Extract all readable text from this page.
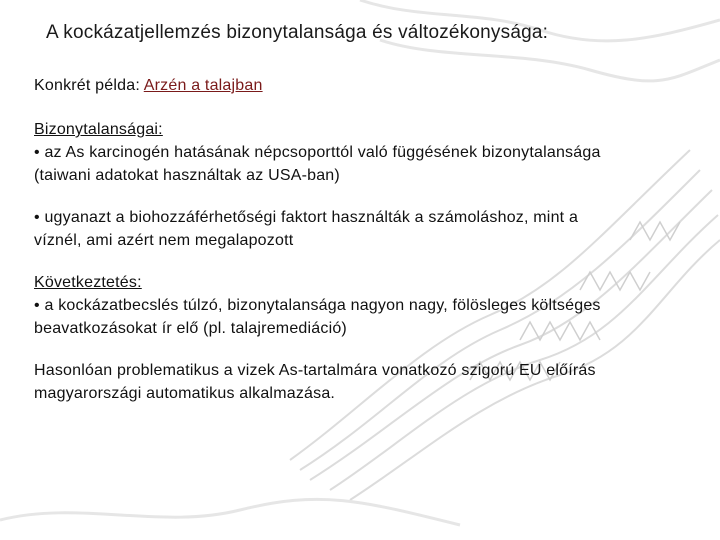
A kockázatjellemzés bizonytalansága és változékonysága:

Konkrét példa: Arzén a talajban

Bizonytalanságai:

• az As karcinogén hatásának népcsoporttól való függésének bizonytalansága

(taiwani adatokat használtak az USA-ban)

• ugyanazt a biohozzáférhetőségi faktort használták a számoláshoz, mint a

víznél, ami azért nem megalapozott

Következtetés:

• a kockázatbecslés túlzó, bizonytalansága nagyon nagy, fölösleges költséges

beavatkozásokat ír elő (pl. talajremediáció)

Hasonlóan problematikus a vizek As-tartalmára vonatkozó szigorú EU előírás

magyarországi automatikus alkalmazása.
